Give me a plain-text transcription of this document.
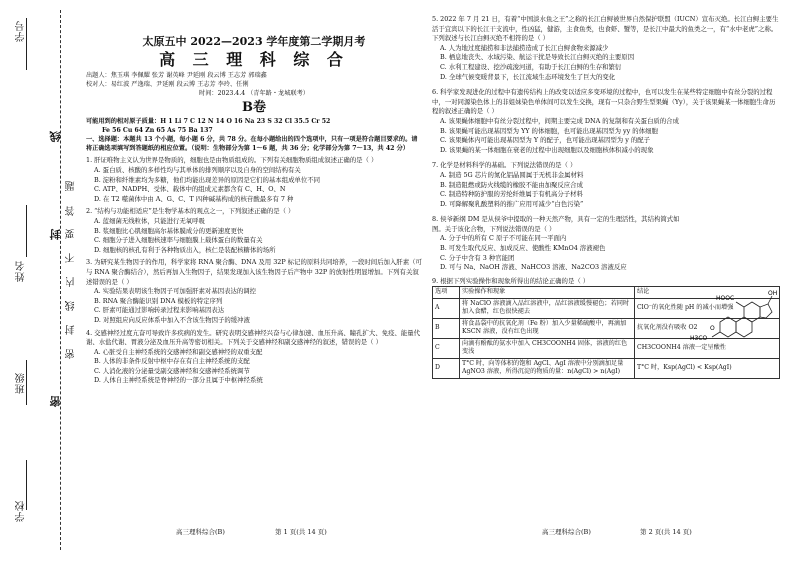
学号
姓名
班级
学校
线
封
密
题
答
要
不
内
线
封
密
太原五中 2022—2023 学年度第二学期月考
高 三 理 科 综 合
出题人：焦玉琪 李佩耀 张芳 谢英峰 尹延刚 段云博 王志芳 郭瑞鑫
校对人：易红波 严逸瑞、尹延刚 段云博 王志芳 李玲、任俐
时间：2023.4.4 （青年路・龙城联考）
B卷
可能用到的相对原子质量：H 1 Li 7 C 12 N 14 O 16 Na 23 S 32 Cl 35.5 Cr 52
Fe 56 Cu 64 Zn 65 As 75 Ba 137
一、选择题：本题共 13 个小题，每小题 6 分，共 78 分。在每小题给出的四个选项中，只有一项是符合题目要求的。请将正确选项填写到答题纸的相应位置。（说明：生物部分为第 1～6 题，共 36 分；化学部分为第 7～13，共 42 分）
1. 肝证唯物主义认为世界是物质的，细胞也是由物质组成的。下列有关细胞物质组成叙述正确的是（ ）
A. 蛋白质、核酸的多样性均与其单体的排列顺序以及自身的空间结构有关
B. 淀粉和纤维素均为多糖，他们均能出现差异的原因是它们的基本组成单位不同
C. ATP、NADPH、受体、载体中的组成元素都含有 C、H、O、N
D. 在 T2 噬菌体中由 A、G、C、T 四种碱基构成的核苷酸最多有 7 种
2. “结构与功能相适应”是生物学基本的观点之一，下列叙述正确的是（ ）
A. 蓝细菌无线粒体，只能进行无氧呼吸
B. 浆细胞比心肌细胞高尔基体膜成分的更新速度更快
C. 细胞分子进入细胞核速率与细胞膜上载体蛋白的数量有关
D. 细胞核的核孔有利于各种物质出入，核仁是装配核糖体的场所
3. 为研究某生物因子的作用，科学家将 RNA 聚合酶、DNA 及用 32P 标记的原料共同培养，一段时间后加入肝素（可与 RNA 聚合酶结合），然后再加入生物因子，结果发现加入该生物因子后产物中 32P 的放射性明显增加。下列有关叙述错误的是（ ）
A. 实验结果表明该生物因子可加强肝素对基因表达的调控
B. RNA 聚合酶能识别 DNA 模板的特定序列
C. 肝素可能通过影响转录过程来影响基因表达
D. 对照组应向反应体系中加入不含该生物因子的缓冲液
4. 交感神经过度亢奋可导致许多疾病的发生。研究表明交感神经兴奋与心律加速、血压升高、瞳孔扩大、免疫、能量代谢、水盐代谢、胃液分泌及血压升高等密切相关。下列关于交感神经和副交感神经的叙述，错误的是（ ）
A. 心脏受自主神经系统的交感神经和副交感神经的双重支配
B. 人体的非条件反射中枢中存在有自主神经系统的支配
C. 人消化液的分泌量受副交感神经和交感神经系统调节
D. 人体自主神经系统是脊神经的一部分且属于中枢神经系统
5. 2022 年 7 月 21 日，有着“中国淡水鱼之王”之称的长江白鲟被世界自然保护联盟（IUCN）宣布灭绝。长江白鲟主要生活于宜宾以下的长江干支流中，性凶猛，健游，主食鱼类，也食虾、蟹等，是长江中最大的鱼类之一，有“水中老虎”之称。下列叙述与长江白鲟灭绝不相符的是（ ）
A. 人为地过度捕捞和非法捕捞造成了长江白鲟食物来源减少
B. 栖息地丧失、水域污染、航运干扰是导致长江白鲟灭绝的主要原因
C. 水利工程建设、挖沙疏浚河道，有助于长江白鲟的生存和繁衍
D. 全球气候变暖背景下，长江流域生态环境发生了巨大的变化
6. 科学家发现进化的过程中有遗传结构上的改变以适应多变环境的过程中，也可以发生在某些特定细胞中有丝分裂的过程中，一对同源染色体上的非姐妹染色单体间可以发生交换，现有一只杂合野生型果蝇（Yy），关于该果蝇某一体细胞生命历程的叙述正确的是（ ）
A. 该果蝇体细胞中有丝分裂过程中，间期主要完成 DNA 的复制和有关蛋白质的合成
B. 该果蝇可能出现基因型为 YY 的体细胞，也可能出现基因型为 yy 的体细胞
C. 该果蝇体内可能出现基因型为 Y 的配子，也可能出现基因型为 y 的配子
D. 该果蝇的某一体细胞在衰老的过程中出现细胞以及细胞核体积减小的现象
7. 化学是材料科学的基础。下列说法错误的是（ ）
A. 制造 5G 芯片的氮化铝晶圆属于无机非金属材料
B. 制造阻燃或防火线缆的橡胶不能由加聚反应合成
C. 制造特种防护服的芳纶纤维属于有机高分子材料
D. 可降解聚乳酸塑料的推广应用可减少“白色污染”
8. 侯爷新纲 DM 是从侯爷中提取的一种天然产物，具有一定的生理活性，其结构简式如图。关于该化合物，下列说法错误的是（ ）
A. 分子中的所有 C 原子不可能在同一平面内
B. 可发生取代反应、加成反应、使酸性 KMnO4 溶液褪色
C. 分子中含有 3 种官能团
D. 可与 Na、NaOH 溶液、NaHCO3 溶液、Na2CO3 溶液反应
9. 根据下列实验操作和现象所得出的结论正确的是（ ）
选项	实验操作和现象	结论
A	将 NaClO 溶液滴入品红溶液中，品红溶液缓慢褪色；若同时加入食醋，红色很快褪去	ClO⁻的氧化性随 pH 的减小而增强
B	将食品袋中的抗氧化剂（Fe 粉）加入少量稀硫酸中，再滴加 KSCN 溶液，没有红色出现	抗氧化剂没有吸收 O2
C	向滴有酚酞的氨水中加入 CH3COONH4 固体，溶液的红色变浅	CH3COONH4 溶液一定呈酸性
D	T°C 时，向等体积的饱和 AgCl、AgI 溶液中分别滴加足量 AgNO3 溶液，所得沉淀的物质的量：n(AgCl) > n(AgI)	T°C 时，Ksp(AgCl) < Ksp(AgI)
HOOC
OH
H3CO
O
高三理科综合(B)	第 1 页(共 14 页)	高三理科综合(B)	第 2 页(共 14 页)
